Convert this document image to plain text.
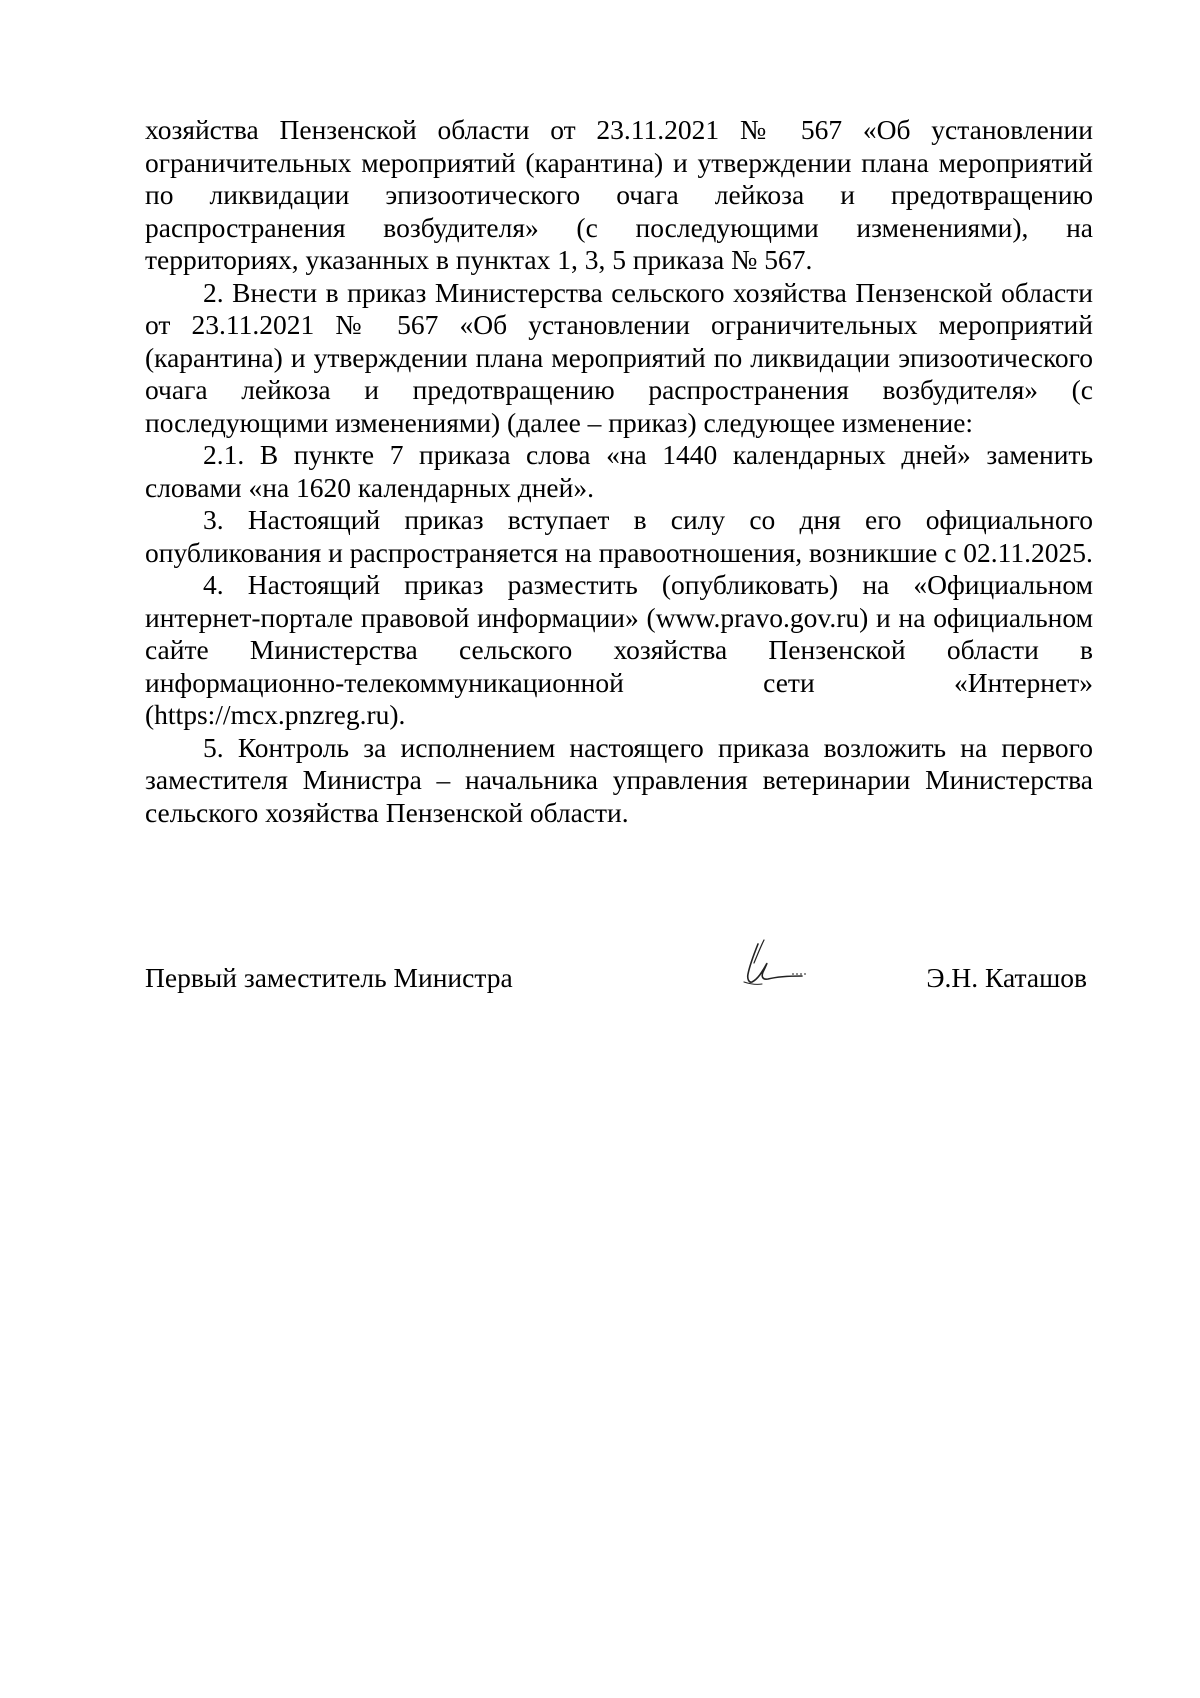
хозяйства Пензенской области от 23.11.2021 № 567 «Об установлении ограничительных мероприятий (карантина) и утверждении плана мероприятий по ликвидации эпизоотического очага лейкоза и предотвращению распространения возбудителя» (с последующими изменениями), на территориях, указанных в пунктах 1, 3, 5 приказа № 567.

2. Внести в приказ Министерства сельского хозяйства Пензенской области от 23.11.2021 № 567 «Об установлении ограничительных мероприятий (карантина) и утверждении плана мероприятий по ликвидации эпизоотического очага лейкоза и предотвращению распространения возбудителя» (с последующими изменениями) (далее – приказ) следующее изменение:

2.1. В пункте 7 приказа слова «на 1440 календарных дней» заменить словами «на 1620 календарных дней».

3. Настоящий приказ вступает в силу со дня его официального опубликования и распространяется на правоотношения, возникшие с 02.11.2025.

4. Настоящий приказ разместить (опубликовать) на «Официальном интернет-портале правовой информации» (www.pravo.gov.ru) и на официальном сайте Министерства сельского хозяйства Пензенской области в информационно-телекоммуникационной сети «Интернет» (https://mcx.pnzreg.ru).

5. Контроль за исполнением настоящего приказа возложить на первого заместителя Министра – начальника управления ветеринарии Министерства сельского хозяйства Пензенской области.

Первый заместитель Министра	Э.Н. Каташов
